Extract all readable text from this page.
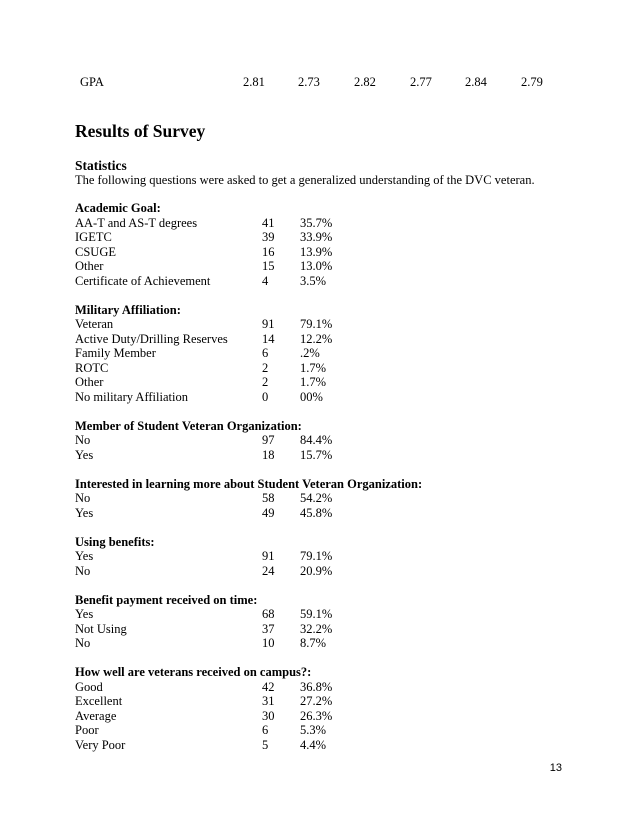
GPA	2.81	2.73	2.82	2.77	2.84	2.79
Results of Survey
Statistics

The following questions were asked to get a generalized understanding of the DVC veteran.

Academic Goal:
AA-T and AS-T degrees	41 35.7%
IGETC	39 33.9%
CSUGE	16 13.9%
Other	15 13.0%
Certificate of Achievement	4	3.5%
Military Affiliation:
Veteran	91 79.1%
Active Duty/Drilling Reserves	14 12.2%
Family Member	6	.2%
ROTC	2	1.7%
Other	2	1.7%
No military Affiliation	0	00%
Member of Student Veteran Organization:
No	97 84.4%
Yes	18 15.7%
Interested in learning more about Student Veteran Organization:
No	58 54.2%
Yes	49 45.8%
Using benefits:
Yes	91 79.1%
No	24 20.9%
Benefit payment received on time:
Yes	68 59.1%
Not Using	37 32.2%
No	10 8.7%
How well are veterans received on campus?:
Good	42 36.8%
Excellent	31 27.2%
Average	30 26.3%
Poor	6	5.3%
Very Poor	5	4.4%
13
